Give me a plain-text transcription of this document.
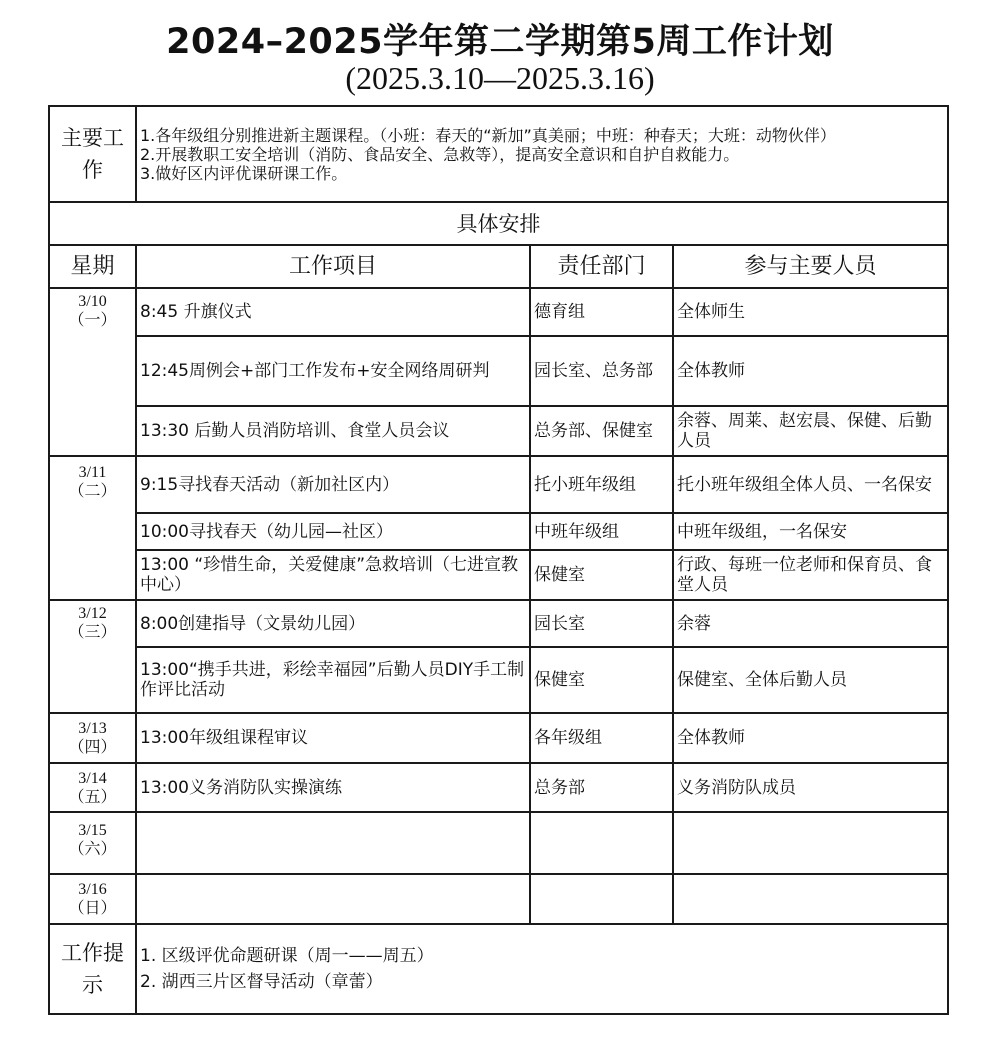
2024–2025学年第二学期第5周工作计划
(2025.3.10—2025.3.16)
主要工作	1.各年级组分别推进新主题课程。（小班：春天的“新加”真美丽；中班：种春天；大班：动物伙伴）
2.开展教职工安全培训（消防、食品安全、急救等），提高安全意识和自护自救能力。
3.做好区内评优课研课工作。		

具体安排			
星期	工作项目	责任部门	参与主要人员

3/10
（一）	8:45 升旗仪式	德育组	全体师生
	12:45周例会+部门工作发布+安全网络周研判	园长室、总务部	全体教师
	13:30 后勤人员消防培训、食堂人员会议	总务部、保健室	余蓉、周莱、赵宏晨、保健、后勤人员

3/11
（二）	9:15寻找春天活动（新加社区内）	托小班年级组	托小班年级组全体人员、一名保安
	10:00寻找春天（幼儿园—社区）	中班年级组	中班年级组，一名保安
	13:00 “珍惜生命，关爱健康”急救培训（七进宣教中心）	保健室	行政、每班一位老师和保育员、食堂人员

3/12
（三）	8:00创建指导（文景幼儿园）	园长室	余蓉
	13:00“携手共进，彩绘幸福园”后勤人员DIY手工制作评比活动	保健室	保健室、全体后勤人员

3/13
（四）	13:00年级组课程审议	各年级组	全体教师

3/14
（五）	13:00义务消防队实操演练	总务部	义务消防队成员

3/15
（六）			

3/16
（日）			

工作提示	1. 区级评优命题研课（周一——周五）
2. 湖西三片区督导活动（章蕾）		
